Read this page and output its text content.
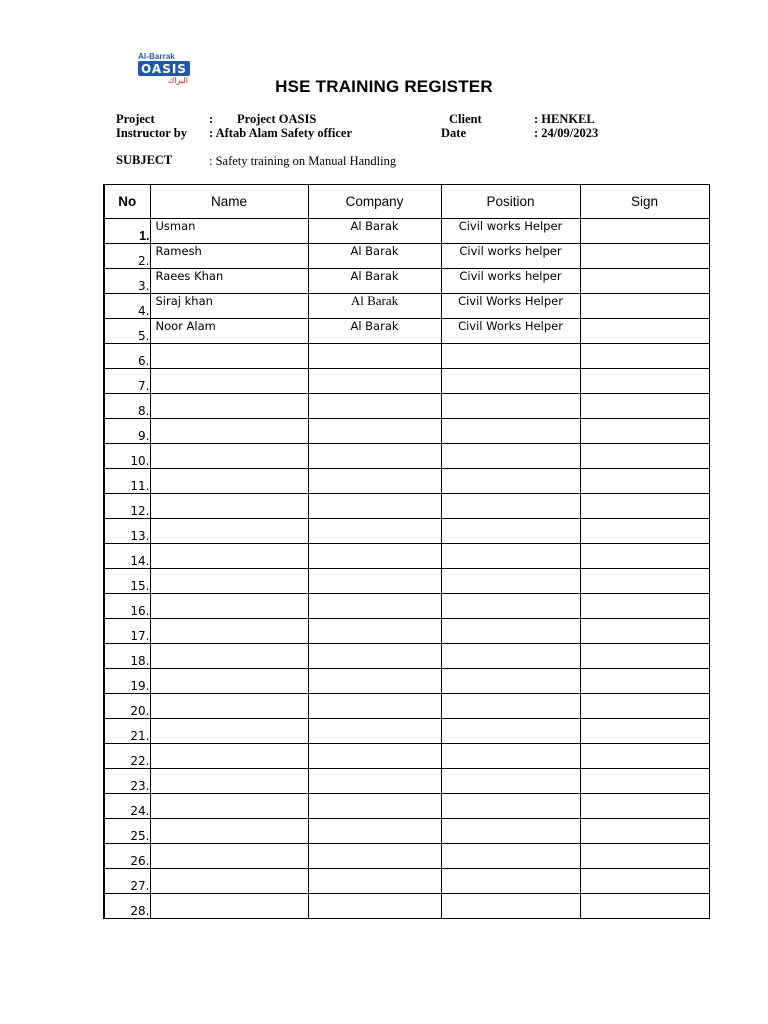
Al-Barrak
OASIS
البراك	HSE TRAINING REGISTER
Project	: Project OASIS
Instructor by : Aftab Alam Safety officer
Client	: HENKEL
Date	: 24/09/2023
SUBJECT	: Safety training on Manual Handling
No	Name	Company	Position	Sign
1.	Usman	Al Barak	Civil works Helper	
2.	Ramesh	Al Barak	Civil works helper	
3.	Raees Khan	Al Barak	Civil works helper	
4.	Siraj khan	Al Barak	Civil Works Helper	
5.	Noor Alam	Al Barak	Civil Works Helper	
6.				
7.				
8.				
9.				
10.				
11.				
12.				
13.				
14.				
15.				
16.				
17.				
18.				
19.				
20.				
21.				
22.				
23.				
24.				
25.				
26.				
27.				
28.				
